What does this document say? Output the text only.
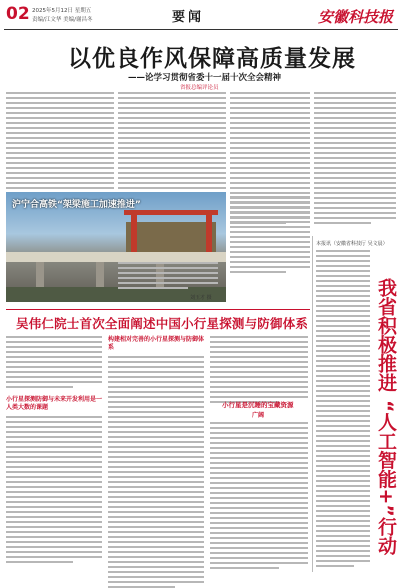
02 2025年5月12日 星期五
责编/江文华 美编/谢昌冬	要闻	安徽科技报
以优良作风保障高质量发展
——论学习贯彻省委十一届十次全会精神
省报总编评论员
沪宁合高铁“架梁施工加速推进”
刘玉才 摄
本报讯（安徽省科技厅 吴文晨）
我省积极推进
“人工智能+”行动
吴伟仁院士首次全面阐述中国小行星探测与防御体系
小行星探测防御与未来开发利用是一人类大数的课题
构建相对完善的小行星探测与防御体系
小行星是沉睡的宝藏资源
广阔
